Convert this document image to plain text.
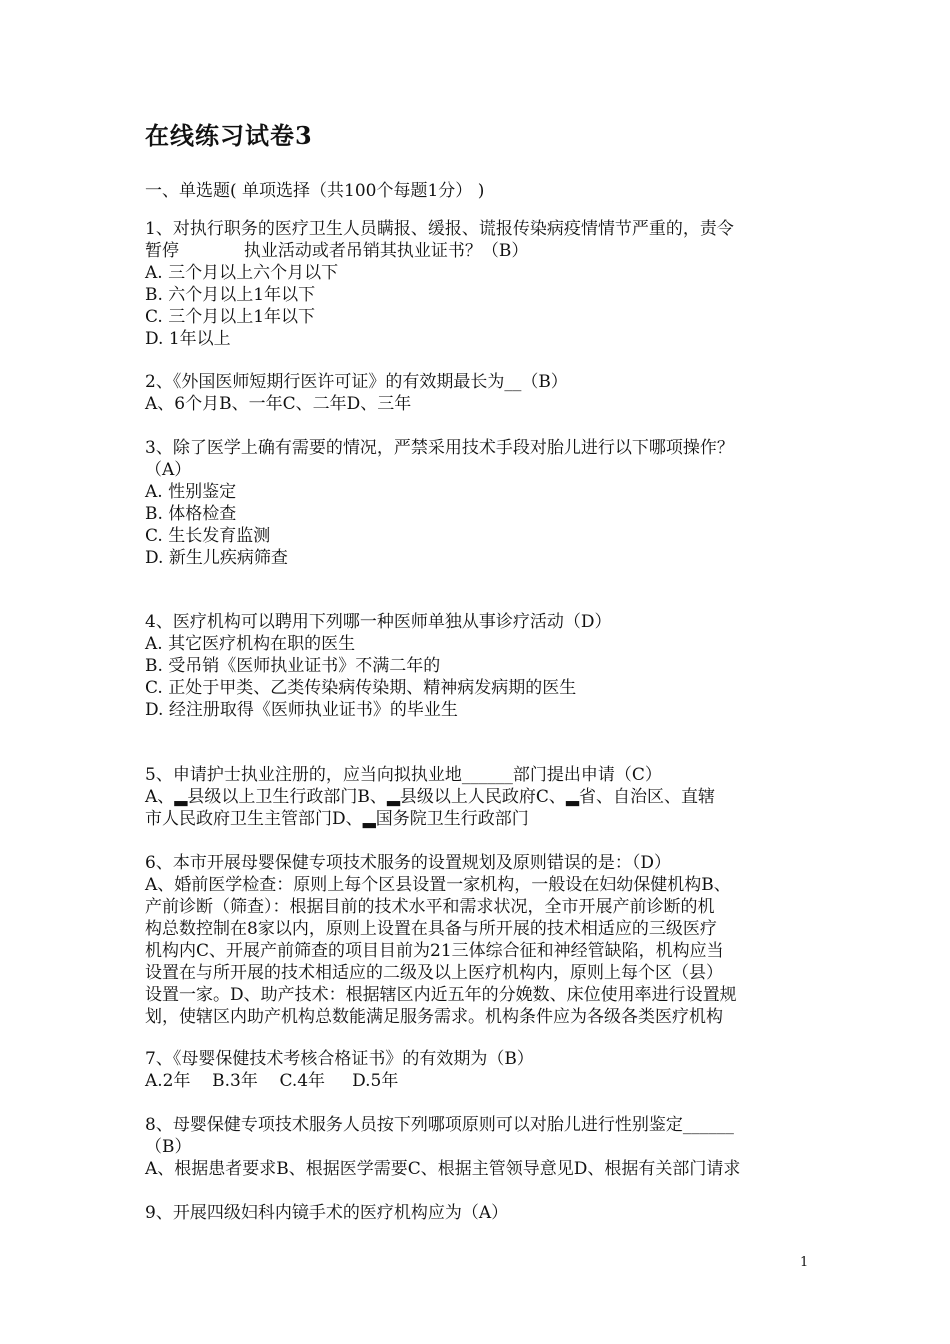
在线练习试卷3
一、单选题( 单项选择（共100个每题1分） )
1、对执行职务的医疗卫生人员瞒报、缓报、谎报传染病疫情情节严重的，责令
暂停            执业活动或者吊销其执业证书？（B）
A. 三个月以上六个月以下
B. 六个月以上1年以下
C. 三个月以上1年以下
D. 1年以上
2、《外国医师短期行医许可证》的有效期最长为__（B）
A、6个月B、一年C、二年D、三年
3、除了医学上确有需要的情况，严禁采用技术手段对胎儿进行以下哪项操作？
（A）
A. 性别鉴定
B. 体格检查
C. 生长发育监测
D. 新生儿疾病筛查
4、医疗机构可以聘用下列哪一种医师单独从事诊疗活动（D）
A. 其它医疗机构在职的医生
B. 受吊销《医师执业证书》不满二年的
C. 正处于甲类、乙类传染病传染期、精神病发病期的医生
D. 经注册取得《医师执业证书》的毕业生
5、申请护士执业注册的，应当向拟执业地______部门提出申请（C）
A、▂县级以上卫生行政部门B、▂县级以上人民政府C、▂省、自治区、直辖
市人民政府卫生主管部门D、▂国务院卫生行政部门
6、本市开展母婴保健专项技术服务的设置规划及原则错误的是：（D）
A、婚前医学检查：原则上每个区县设置一家机构，一般设在妇幼保健机构B、
产前诊断（筛查）：根据目前的技术水平和需求状况，全市开展产前诊断的机
构总数控制在8家以内，原则上设置在具备与所开展的技术相适应的三级医疗
机构内C、开展产前筛查的项目目前为21三体综合征和神经管缺陷，机构应当
设置在与所开展的技术相适应的二级及以上医疗机构内，原则上每个区（县）
设置一家。D、助产技术：根据辖区内近五年的分娩数、床位使用率进行设置规
划，使辖区内助产机构总数能满足服务需求。机构条件应为各级各类医疗机构
7、《母婴保健技术考核合格证书》的有效期为（B）
A.2年    B.3年    C.4年     D.5年
8、母婴保健专项技术服务人员按下列哪项原则可以对胎儿进行性别鉴定______
（B）
A、根据患者要求B、根据医学需要C、根据主管领导意见D、根据有关部门请求
9、开展四级妇科内镜手术的医疗机构应为（A）
1
